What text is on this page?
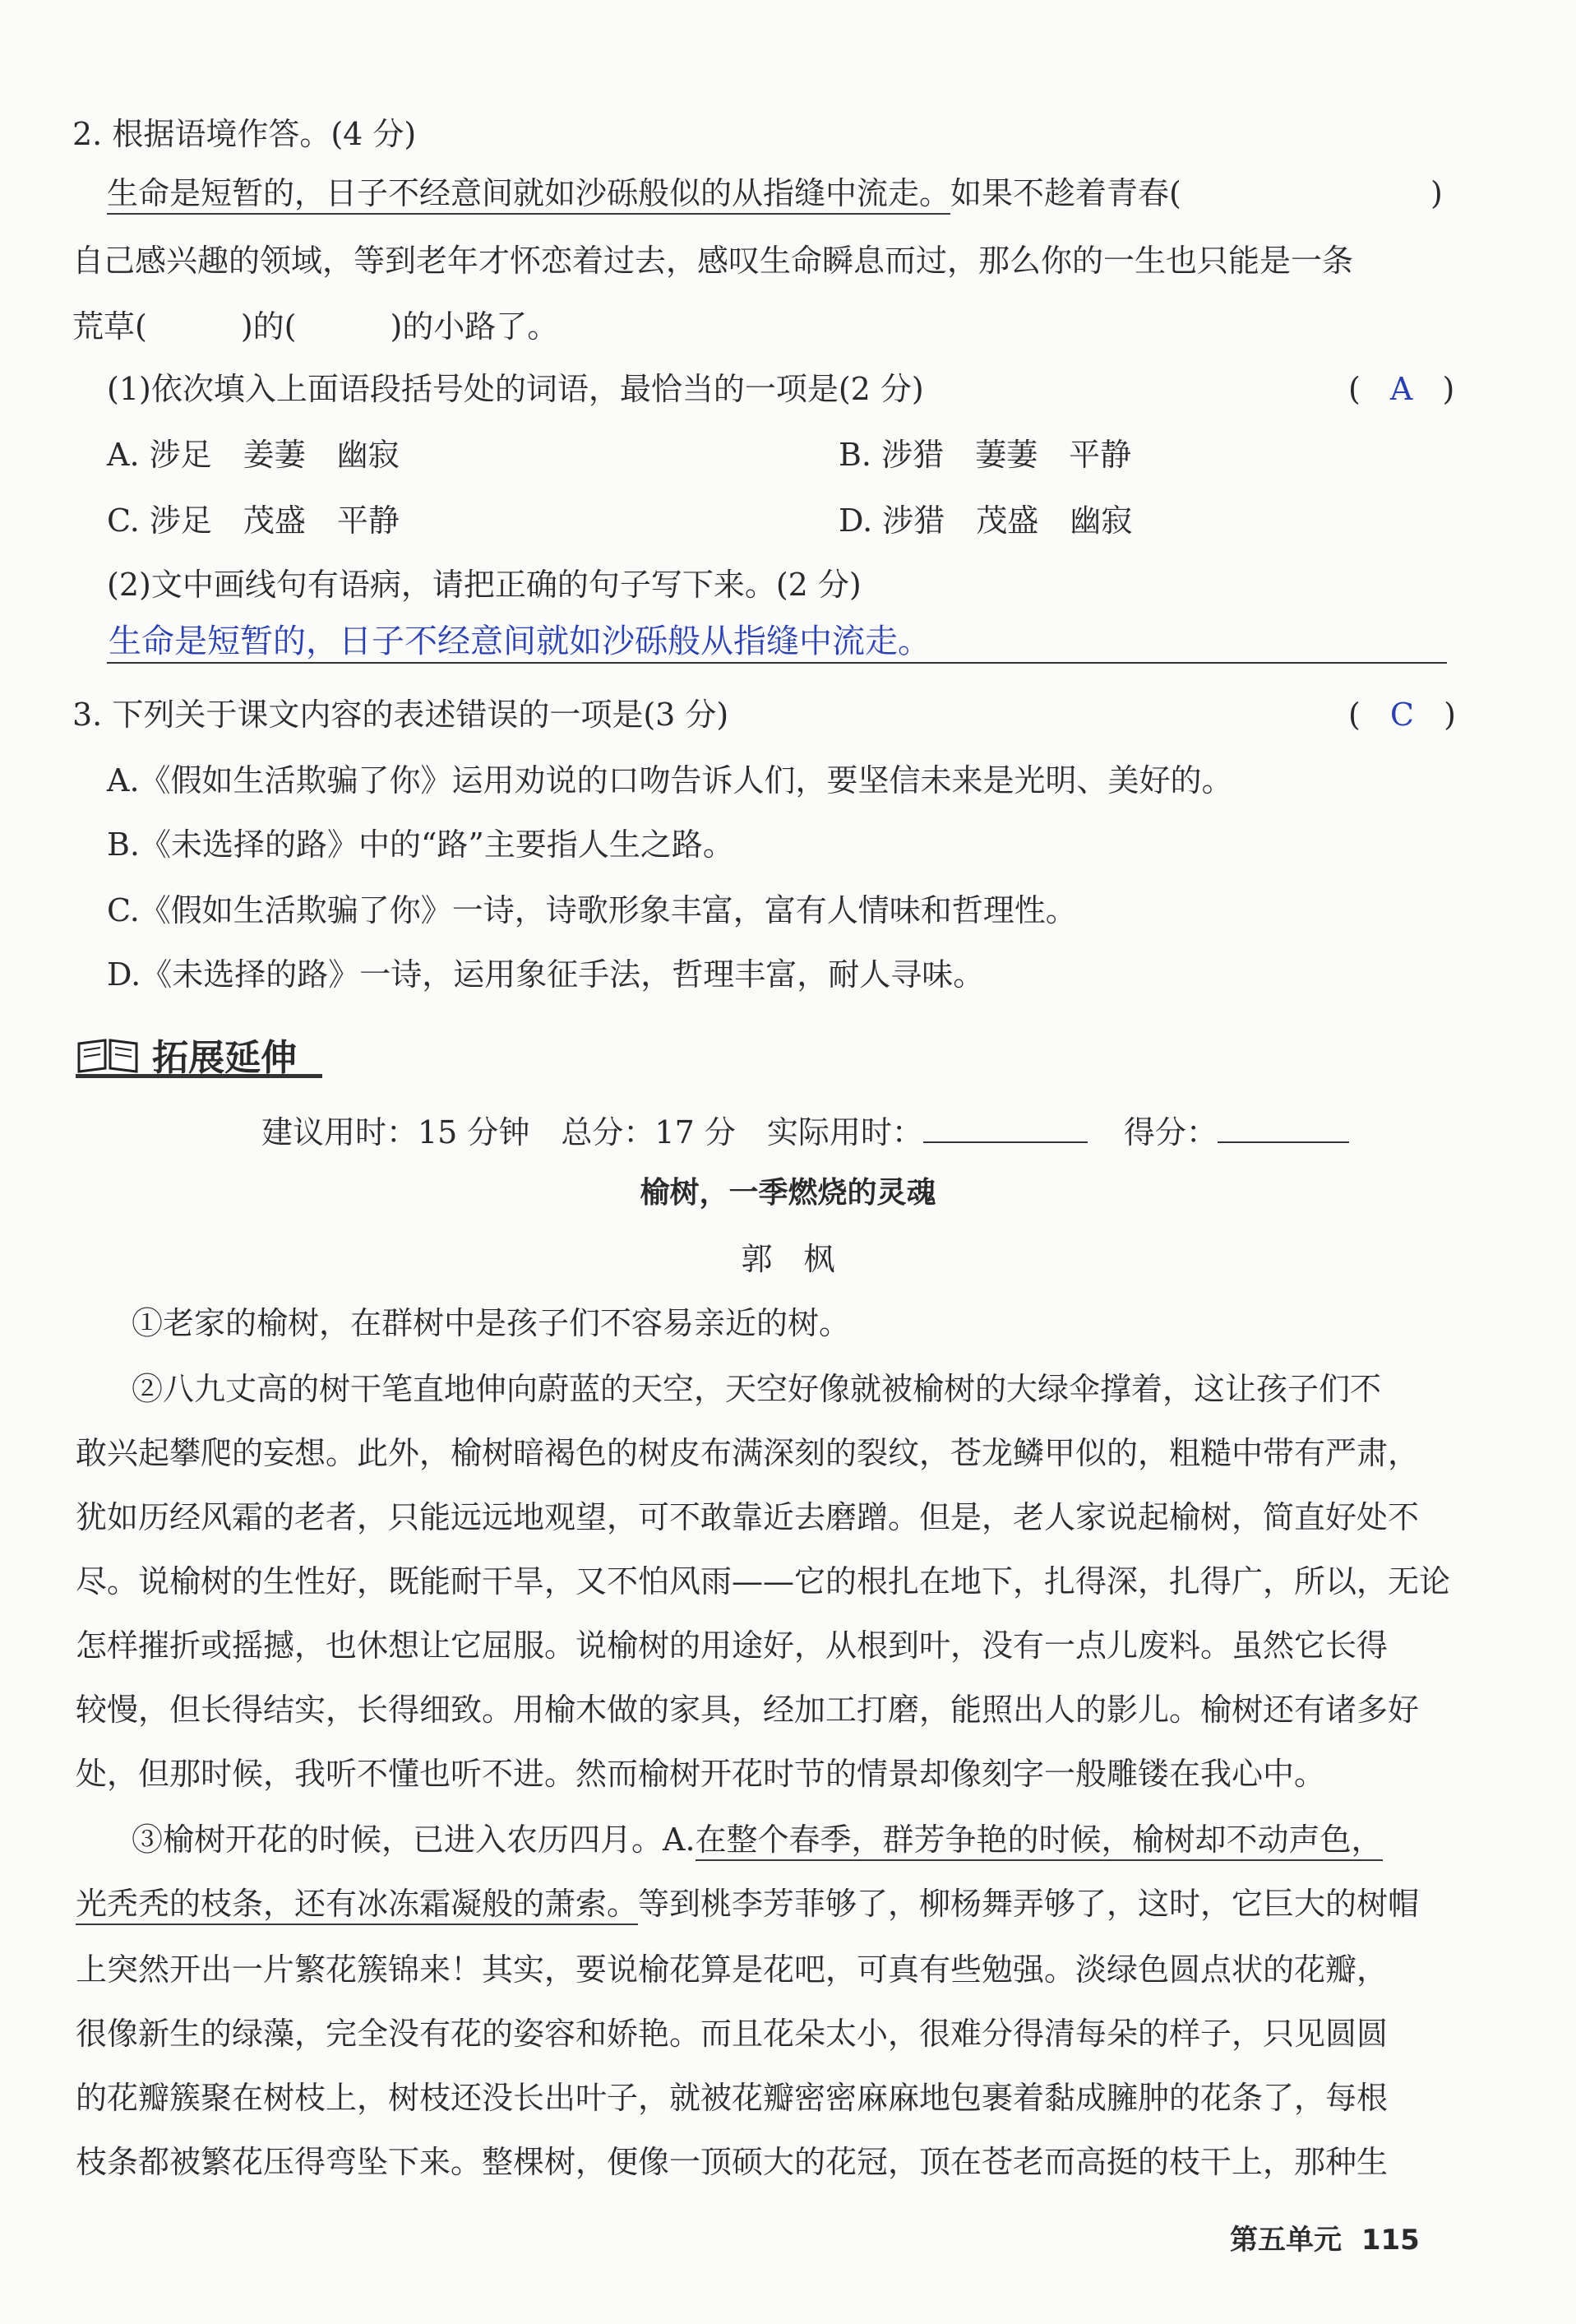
2. 根据语境作答。(4 分)
生命是短暂的，日子不经意间就如沙砾般似的从指缝中流走。如果不趁着青春(	)
自己感兴趣的领域，等到老年才怀恋着过去，感叹生命瞬息而过，那么你的一生也只能是一条
荒草(　　　)的(　　　)的小路了。
(1)依次填入上面语段括号处的词语，最恰当的一项是(2 分)	( A )
A. 涉足　姜萋　幽寂	B. 涉猎　萋萋　平静
C. 涉足　茂盛　平静	D. 涉猎　茂盛　幽寂
(2)文中画线句有语病，请把正确的句子写下来。(2 分)
生命是短暂的，日子不经意间就如沙砾般从指缝中流走。
3. 下列关于课文内容的表述错误的一项是(3 分)	( C )
A.《假如生活欺骗了你》运用劝说的口吻告诉人们，要坚信未来是光明、美好的。
B.《未选择的路》中的“路”主要指人生之路。
C.《假如生活欺骗了你》一诗，诗歌形象丰富，富有人情味和哲理性。
D.《未选择的路》一诗，运用象征手法，哲理丰富，耐人寻味。
拓展延伸
建议用时：15 分钟　总分：17 分　实际用时：	得分：
榆树，一季燃烧的灵魂
郭　枫
①老家的榆树，在群树中是孩子们不容易亲近的树。
②八九丈高的树干笔直地伸向蔚蓝的天空，天空好像就被榆树的大绿伞撑着，这让孩子们不
敢兴起攀爬的妄想。此外，榆树暗褐色的树皮布满深刻的裂纹，苍龙鳞甲似的，粗糙中带有严肃，
犹如历经风霜的老者，只能远远地观望，可不敢靠近去磨蹭。但是，老人家说起榆树，简直好处不
尽。说榆树的生性好，既能耐干旱，又不怕风雨——它的根扎在地下，扎得深，扎得广，所以，无论
怎样摧折或摇撼，也休想让它屈服。说榆树的用途好，从根到叶，没有一点儿废料。虽然它长得
较慢，但长得结实，长得细致。用榆木做的家具，经加工打磨，能照出人的影儿。榆树还有诸多好
处，但那时候，我听不懂也听不进。然而榆树开花时节的情景却像刻字一般雕镂在我心中。
③榆树开花的时候，已进入农历四月。A.在整个春季，群芳争艳的时候，榆树却不动声色，
光秃秃的枝条，还有冰冻霜凝般的萧索。等到桃李芳菲够了，柳杨舞弄够了，这时，它巨大的树帽
上突然开出一片繁花簇锦来！其实，要说榆花算是花吧，可真有些勉强。淡绿色圆点状的花瓣，
很像新生的绿藻，完全没有花的姿容和娇艳。而且花朵太小，很难分得清每朵的样子，只见圆圆
的花瓣簇聚在树枝上，树枝还没长出叶子，就被花瓣密密麻麻地包裹着黏成臃肿的花条了，每根
枝条都被繁花压得弯坠下来。整棵树，便像一顶硕大的花冠，顶在苍老而高挺的枝干上，那种生
第五单元 115
